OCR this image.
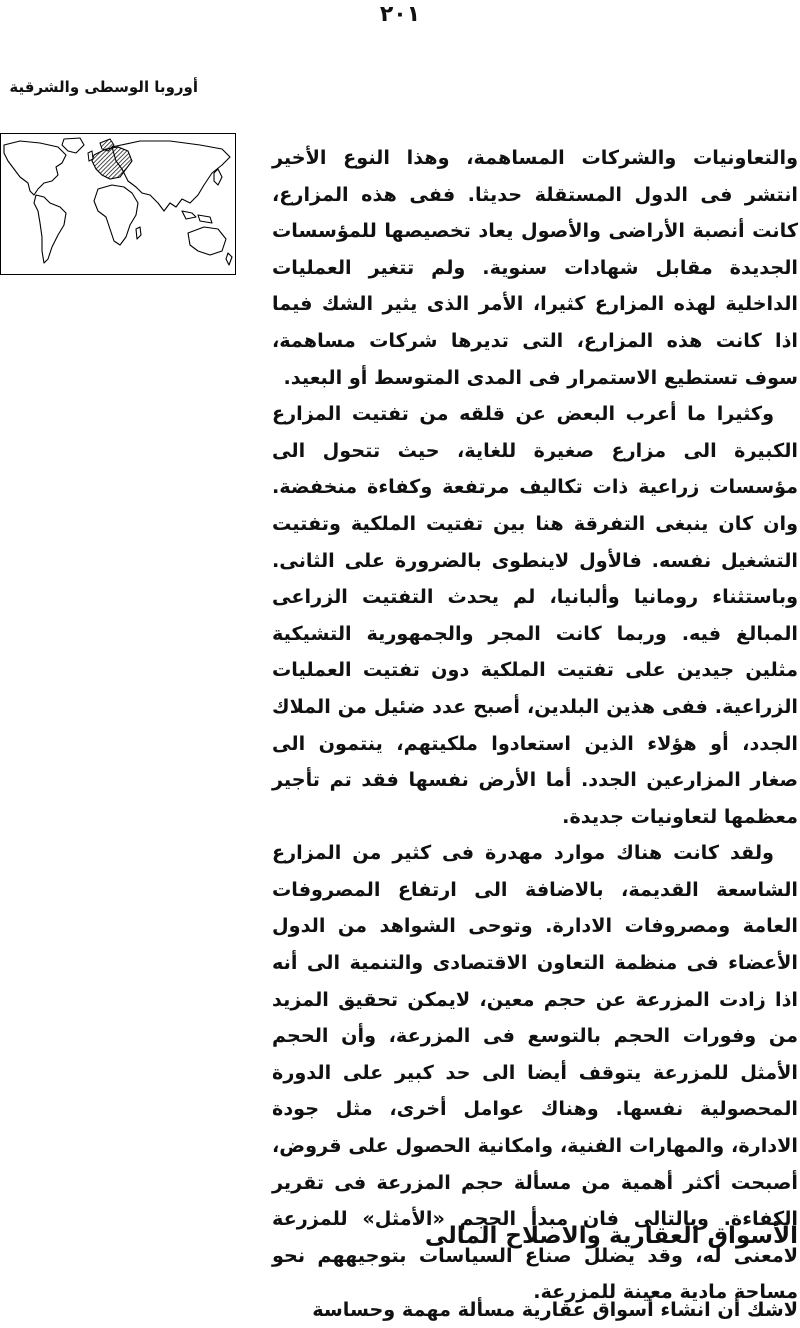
٢٠١
أوروبا الوسطى والشرقية

والتعاونيات والشركات المساهمة، وهذا النوع الأخير انتشر فى الدول المستقلة حديثا. ففى هذه المزارع، كانت أنصبة الأراضى والأصول يعاد تخصيصها للمؤسسات الجديدة مقابل شهادات سنوية. ولم تتغير العمليات الداخلية لهذه المزارع كثيرا، الأمر الذى يثير الشك فيما اذا كانت هذه المزارع، التى تديرها شركات مساهمة، سوف تستطيع الاستمرار فى المدى المتوسط أو البعيد.

وكثيرا ما أعرب البعض عن قلقه من تفتيت المزارع الكبيرة الى مزارع صغيرة للغاية، حيث تتحول الى مؤسسات زراعية ذات تكاليف مرتفعة وكفاءة منخفضة. وان كان ينبغى التفرقة هنا بين تفتيت الملكية وتفتيت التشغيل نفسه. فالأول لاينطوى بالضرورة على الثانى. وباستثناء رومانيا وألبانيا، لم يحدث التفتيت الزراعى المبالغ فيه. وربما كانت المجر والجمهورية التشيكية مثلين جيدين على تفتيت الملكية دون تفتيت العمليات الزراعية. ففى هذين البلدين، أصبح عدد ضئيل من الملاك الجدد، أو هؤلاء الذين استعادوا ملكيتهم، ينتمون الى صغار المزارعين الجدد. أما الأرض نفسها فقد تم تأجير معظمها لتعاونيات جديدة.

ولقد كانت هناك موارد مهدرة فى كثير من المزارع الشاسعة القديمة، بالاضافة الى ارتفاع المصروفات العامة ومصروفات الادارة. وتوحى الشواهد من الدول الأعضاء فى منظمة التعاون الاقتصادى والتنمية الى أنه اذا زادت المزرعة عن حجم معين، لايمكن تحقيق المزيد من وفورات الحجم بالتوسع فى المزرعة، وأن الحجم الأمثل للمزرعة يتوقف أيضا الى حد كبير على الدورة المحصولية نفسها. وهناك عوامل أخرى، مثل جودة الادارة، والمهارات الفنية، وامكانية الحصول على قروض، أصبحت أكثر أهمية من مسألة حجم المزرعة فى تقرير الكفاءة. وبالتالى فان مبدأ الحجم «الأمثل» للمزرعة لامعنى له، وقد يضلل صناع السياسات بتوجيههم نحو مساحة مادية معينة للمزرعة.

الأسواق العقارية والاصلاح المالى

لاشك أن انشاء أسواق عقارية مسألة مهمة وحساسة
